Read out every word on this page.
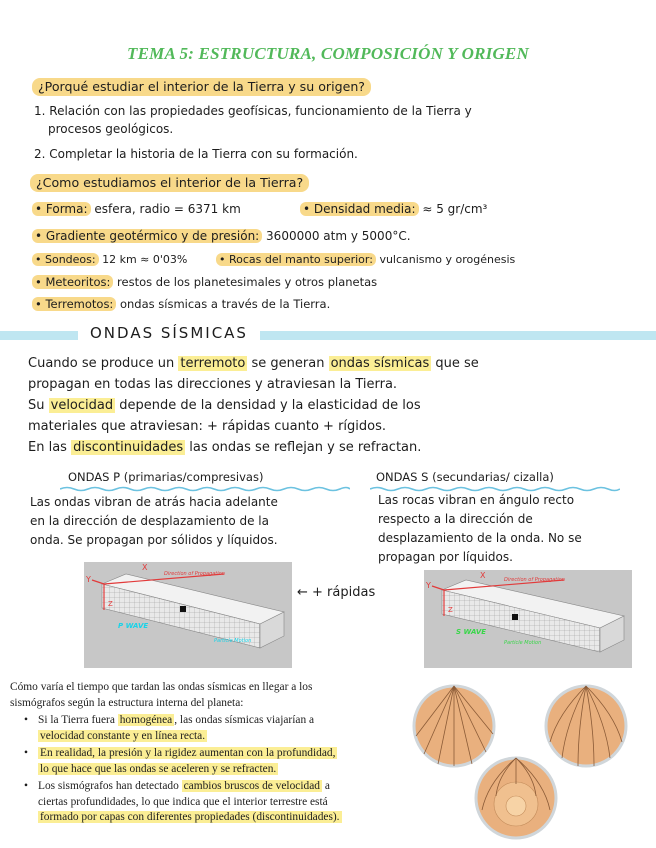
TEMA 5: ESTRUCTURA, COMPOSICIÓN Y ORIGEN
¿Porqué estudiar el interior de la Tierra y su origen?
1. Relación con las propiedades geofísicas, funcionamiento de la Tierra y
procesos geológicos.
2. Completar la historia de la Tierra con su formación.
¿Como estudiamos el interior de la Tierra?
• Forma: esfera, radio = 6371 km	• Densidad media: ≈ 5 gr/cm³
• Gradiente geotérmico y de presión: 3600000 atm y 5000°C.
• Sondeos: 12 km ≈ 0'03%	• Rocas del manto superior: vulcanismo y orogénesis
• Meteoritos: restos de los planetesimales y otros planetas
• Terremotos: ondas sísmicas a través de la Tierra.
ONDAS SÍSMICAS
Cuando se produce un terremoto se generan ondas sísmicas que se
propagan en todas las direcciones y atraviesan la Tierra.
Su velocidad depende de la densidad y la elasticidad de los
materiales que atraviesan: + rápidas cuanto + rígidos.
En las discontinuidades las ondas se reflejan y se refractan.
ONDAS P (primarias/compresivas)	ONDAS S (secundarias/ cizalla)
Las ondas vibran de atrás hacia adelante
en la dirección de desplazamiento de la
onda. Se propagan por sólidos y líquidos.
Las rocas vibran en ángulo recto
respecto a la dirección de
desplazamiento de la onda. No se
propagan por líquidos.
X
Y
Z
Direction of Propagation
P WAVE
Particle Motion
← + rápidas
X
Y
Z
Direction of Propagation
S WAVE
Particle Motion
Cómo varía el tiempo que tardan las ondas sísmicas en llegar a los
sismógrafos según la estructura interna del planeta:
• Si la Tierra fuera homogénea , las ondas sísmicas viajarían a
velocidad constante y en línea recta.
• En realidad, la presión y la rigidez aumentan con la profundidad,
lo que hace que las ondas se aceleren y se refracten.
• Los sismógrafos han detectado cambios bruscos de velocidad a
ciertas profundidades, lo que indica que el interior terrestre está
formado por capas con diferentes propiedades (discontinuidades).
